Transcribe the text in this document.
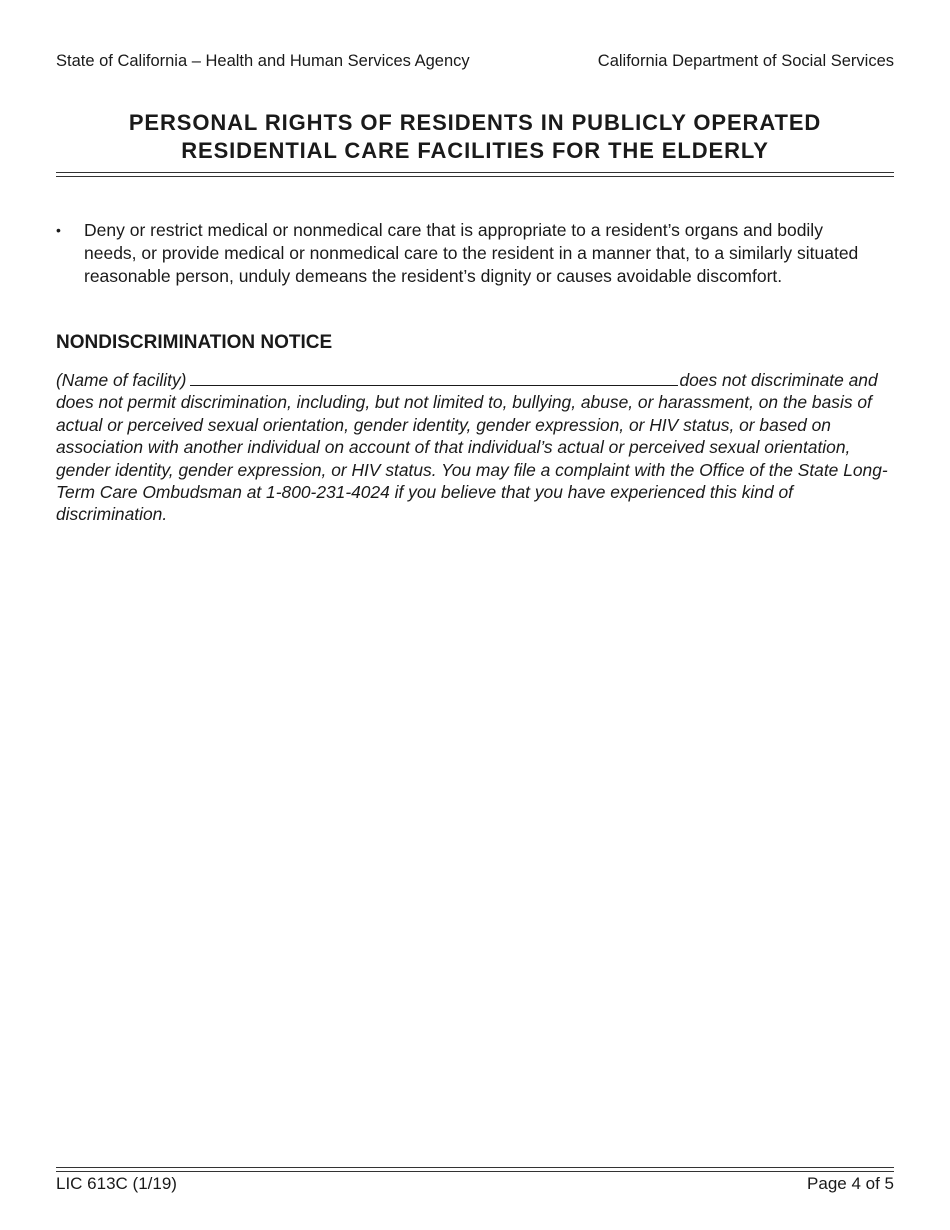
State of California – Health and Human Services Agency	California Department of Social Services
PERSONAL RIGHTS OF RESIDENTS IN PUBLICLY OPERATED
RESIDENTIAL CARE FACILITIES FOR THE ELDERLY
• Deny or restrict medical or nonmedical care that is appropriate to a resident’s organs and bodily needs, or provide medical or nonmedical care to the resident in a manner that, to a similarly situated reasonable person, unduly demeans the resident’s dignity or causes avoidable discomfort.
NONDISCRIMINATION NOTICE
(Name of facility)	does not discriminate and does not permit discrimination, including, but not limited to, bullying, abuse, or harassment, on the basis of actual or perceived sexual orientation, gender identity, gender expression, or HIV status, or based on association with another individual on account of that individual’s actual or perceived sexual orientation, gender identity, gender expression, or HIV status. You may file a complaint with the Office of the State Long-Term Care Ombudsman at 1-800-231-4024 if you believe that you have experienced this kind of discrimination.
LIC 613C (1/19)	Page 4 of 5
